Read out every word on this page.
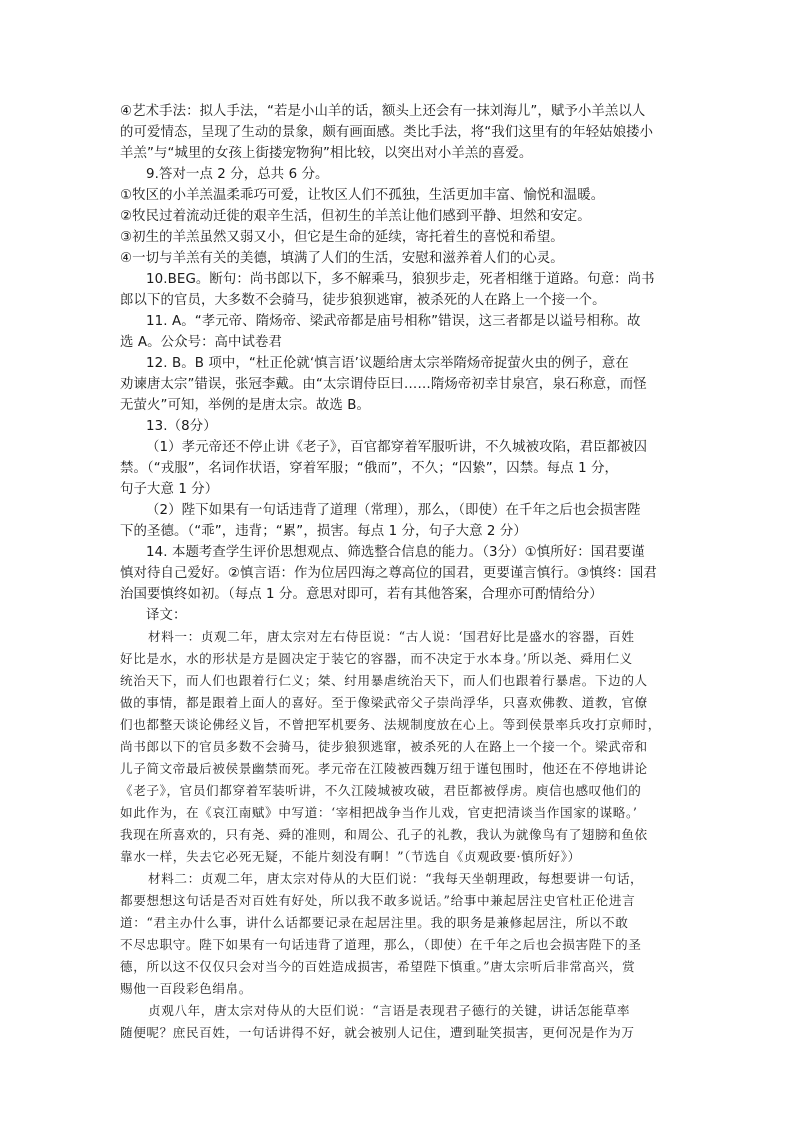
④艺术手法：拟人手法，“若是小山羊的话，额头上还会有一抹刘海儿”，赋予小羊羔以人
的可爱情态，呈现了生动的景象，颇有画面感。类比手法，将“我们这里有的年轻姑娘搂小
羊羔”与“城里的女孩上街搂宠物狗”相比较，以突出对小羊羔的喜爱。
9.答对一点 2 分，总共 6 分。
①牧区的小羊羔温柔乖巧可爱，让牧区人们不孤独，生活更加丰富、愉悦和温暖。
②牧民过着流动迁徙的艰辛生活，但初生的羊羔让他们感到平静、坦然和安定。
③初生的羊羔虽然又弱又小，但它是生命的延续，寄托着生的喜悦和希望。
④一切与羊羔有关的美德，填满了人们的生活，安慰和滋养着人们的心灵。
10.BEG。断句：尚书郎以下，多不解乘马，狼狈步走，死者相继于道路。句意：尚书
郎以下的官员，大多数不会骑马，徒步狼狈逃窜，被杀死的人在路上一个接一个。
11. A。“孝元帝、隋炀帝、梁武帝都是庙号相称”错误，这三者都是以谥号相称。故
选 A。公众号：高中试卷君
12. B。B 项中，“杜正伦就‘慎言语’议题给唐太宗举隋炀帝捉萤火虫的例子，意在
劝谏唐太宗”错误，张冠李戴。由“太宗谓侍臣曰……隋炀帝初幸甘泉宫，泉石称意，而怪
无萤火”可知，举例的是唐太宗。故选 B。
13.（8分）
（1）孝元帝还不停止讲《老子》，百官都穿着军服听讲，不久城被攻陷，君臣都被囚
禁。（“戎服”，名词作状语，穿着军服；“俄而”，不久；“囚絷”，囚禁。每点 1 分，
句子大意 1 分）
（2）陛下如果有一句话违背了道理（常理），那么，（即使）在千年之后也会损害陛
下的圣德。（“乖”，违背；“累”，损害。每点 1 分，句子大意 2 分）
14. 本题考查学生评价思想观点、筛选整合信息的能力。（3分）①慎所好：国君要谨
慎对待自己爱好。②慎言语：作为位居四海之尊高位的国君，更要谨言慎行。③慎终：国君
治国要慎终如初。（每点 1 分。意思对即可，若有其他答案，合理亦可酌情给分）
译文：
材料一：贞观二年，唐太宗对左右侍臣说：“古人说：‘国君好比是盛水的容器，百姓
好比是水，水的形状是方是圆决定于装它的容器，而不决定于水本身。’所以尧、舜用仁义
统治天下，而人们也跟着行仁义；桀、纣用暴虐统治天下，而人们也跟着行暴虐。下边的人
做的事情，都是跟着上面人的喜好。至于像梁武帝父子崇尚浮华，只喜欢佛教、道教，官僚
们也都整天谈论佛经义旨，不曾把军机要务、法规制度放在心上。等到侯景率兵攻打京师时，
尚书郎以下的官员多数不会骑马，徒步狼狈逃窜，被杀死的人在路上一个接一个。梁武帝和
儿子简文帝最后被侯景幽禁而死。孝元帝在江陵被西魏万纽于谨包围时，他还在不停地讲论
《老子》，官员们都穿着军装听讲，不久江陵城被攻破，君臣都被俘虏。庾信也感叹他们的
如此作为，在《哀江南赋》中写道：‘宰相把战争当作儿戏，官吏把清谈当作国家的谋略。’
我现在所喜欢的，只有尧、舜的准则，和周公、孔子的礼教，我认为就像鸟有了翅膀和鱼依
靠水一样，失去它必死无疑，不能片刻没有啊！”（节选自《贞观政要·慎所好》）
材料二：贞观二年，唐太宗对侍从的大臣们说：“我每天坐朝理政，每想要讲一句话，
都要想想这句话是否对百姓有好处，所以我不敢多说话。”给事中兼起居注史官杜正伦进言
道：“君主办什么事，讲什么话都要记录在起居注里。我的职务是兼修起居注，所以不敢
不尽忠职守。陛下如果有一句话违背了道理，那么，（即使）在千年之后也会损害陛下的圣
德，所以这不仅仅只会对当今的百姓造成损害，希望陛下慎重。”唐太宗听后非常高兴，赏
赐他一百段彩色绢帛。
贞观八年，唐太宗对侍从的大臣们说：“言语是表现君子德行的关键，讲话怎能草率
随便呢？庶民百姓，一句话讲得不好，就会被别人记住，遭到耻笑损害，更何况是作为万
